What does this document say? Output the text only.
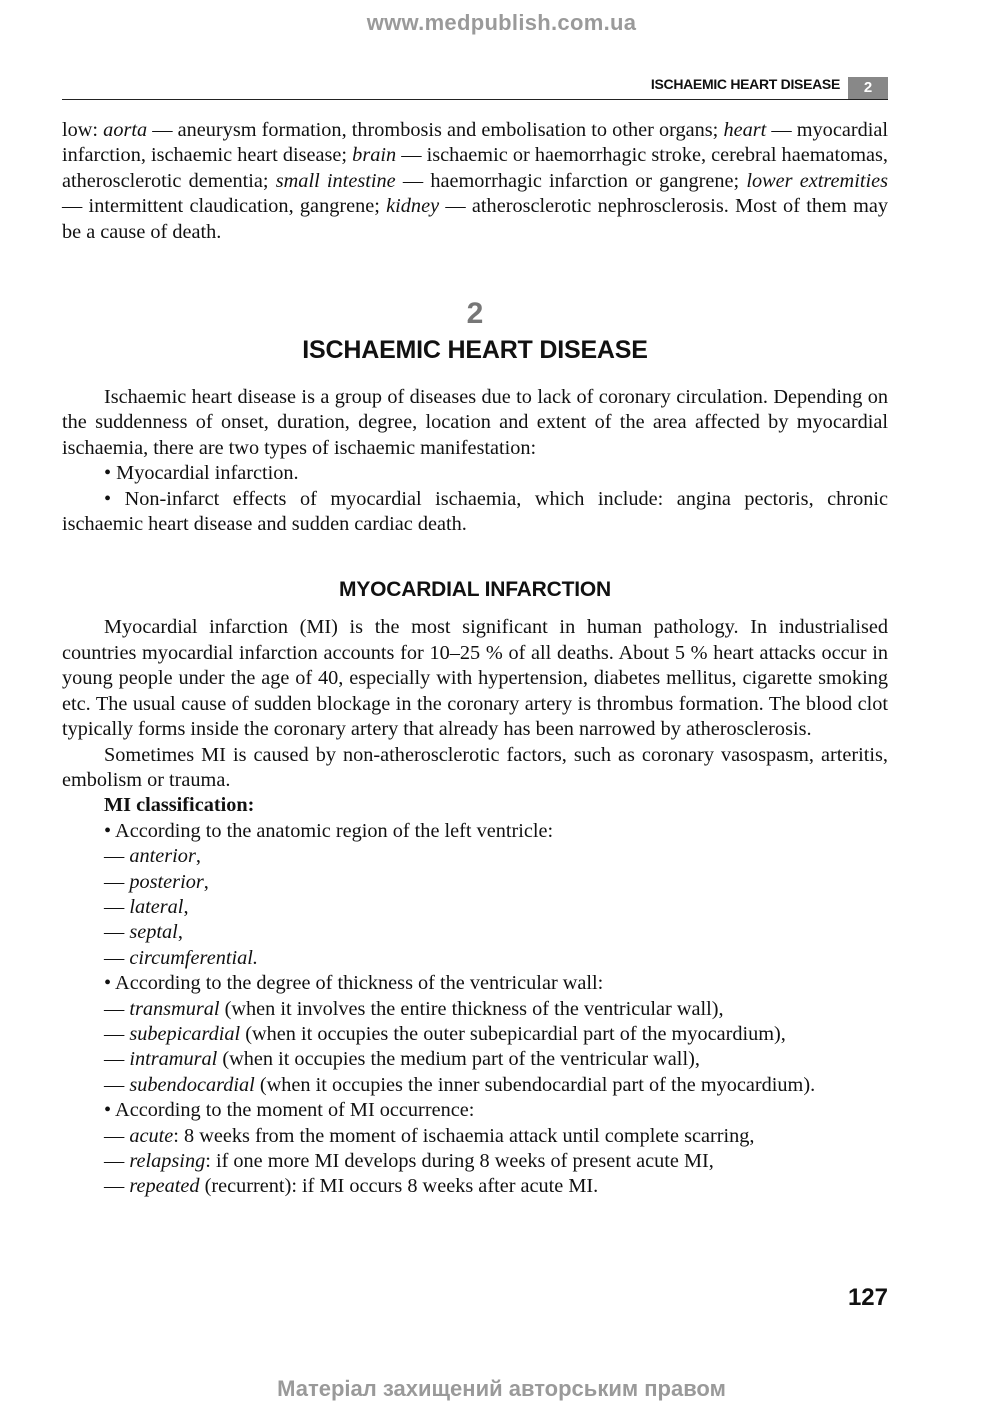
www.medpublish.com.ua
ISCHAEMIC HEART DISEASE	2

low: aorta — aneurysm formation, thrombosis and embolisation to other organs; heart — myocardial infarction, ischaemic heart disease; brain — ischaemic or haemorrhagic stroke, cerebral haematomas, atherosclerotic dementia; small intestine — haemorrhagic infarction or gangrene; lower extremities — intermittent claudication, gangrene; kidney — atherosclerotic nephrosclerosis. Most of them may be a cause of death.

2
ISCHAEMIC HEART DISEASE

Ischaemic heart disease is a group of diseases due to lack of coronary circulation. Depending on the suddenness of onset, duration, degree, location and extent of the area affected by myocardial ischaemia, there are two types of ischaemic manifestation:

• Myocardial infarction.

• Non-infarct effects of myocardial ischaemia, which include: angina pectoris, chronic ischaemic heart disease and sudden cardiac death.

MYOCARDIAL INFARCTION

Myocardial infarction (MI) is the most significant in human pathology. In industrialised countries myocardial infarction accounts for 10–25 % of all deaths. About 5 % heart attacks occur in young people under the age of 40, especially with hypertension, diabetes mellitus, cigarette smoking etc. The usual cause of sudden blockage in the coronary artery is thrombus formation. The blood clot typically forms inside the coronary artery that already has been narrowed by atherosclerosis.

Sometimes MI is caused by non-atherosclerotic factors, such as coronary vasospasm, arteritis, embolism or trauma.

MI classification:

• According to the anatomic region of the left ventricle:

— anterior,

— posterior,

— lateral,

— septal,

— circumferential.

• According to the degree of thickness of the ventricular wall:

— transmural (when it involves the entire thickness of the ventricular wall),

— subepicardial (when it occupies the outer subepicardial part of the myocardium),

— intramural (when it occupies the medium part of the ventricular wall),

— subendocardial (when it occupies the inner subendocardial part of the myocardium).

• According to the moment of MI occurrence:

— acute: 8 weeks from the moment of ischaemia attack until complete scarring,

— relapsing: if one more MI develops during 8 weeks of present acute MI,

— repeated (recurrent): if MI occurs 8 weeks after acute MI.

127
Матеріал захищений авторським правом
